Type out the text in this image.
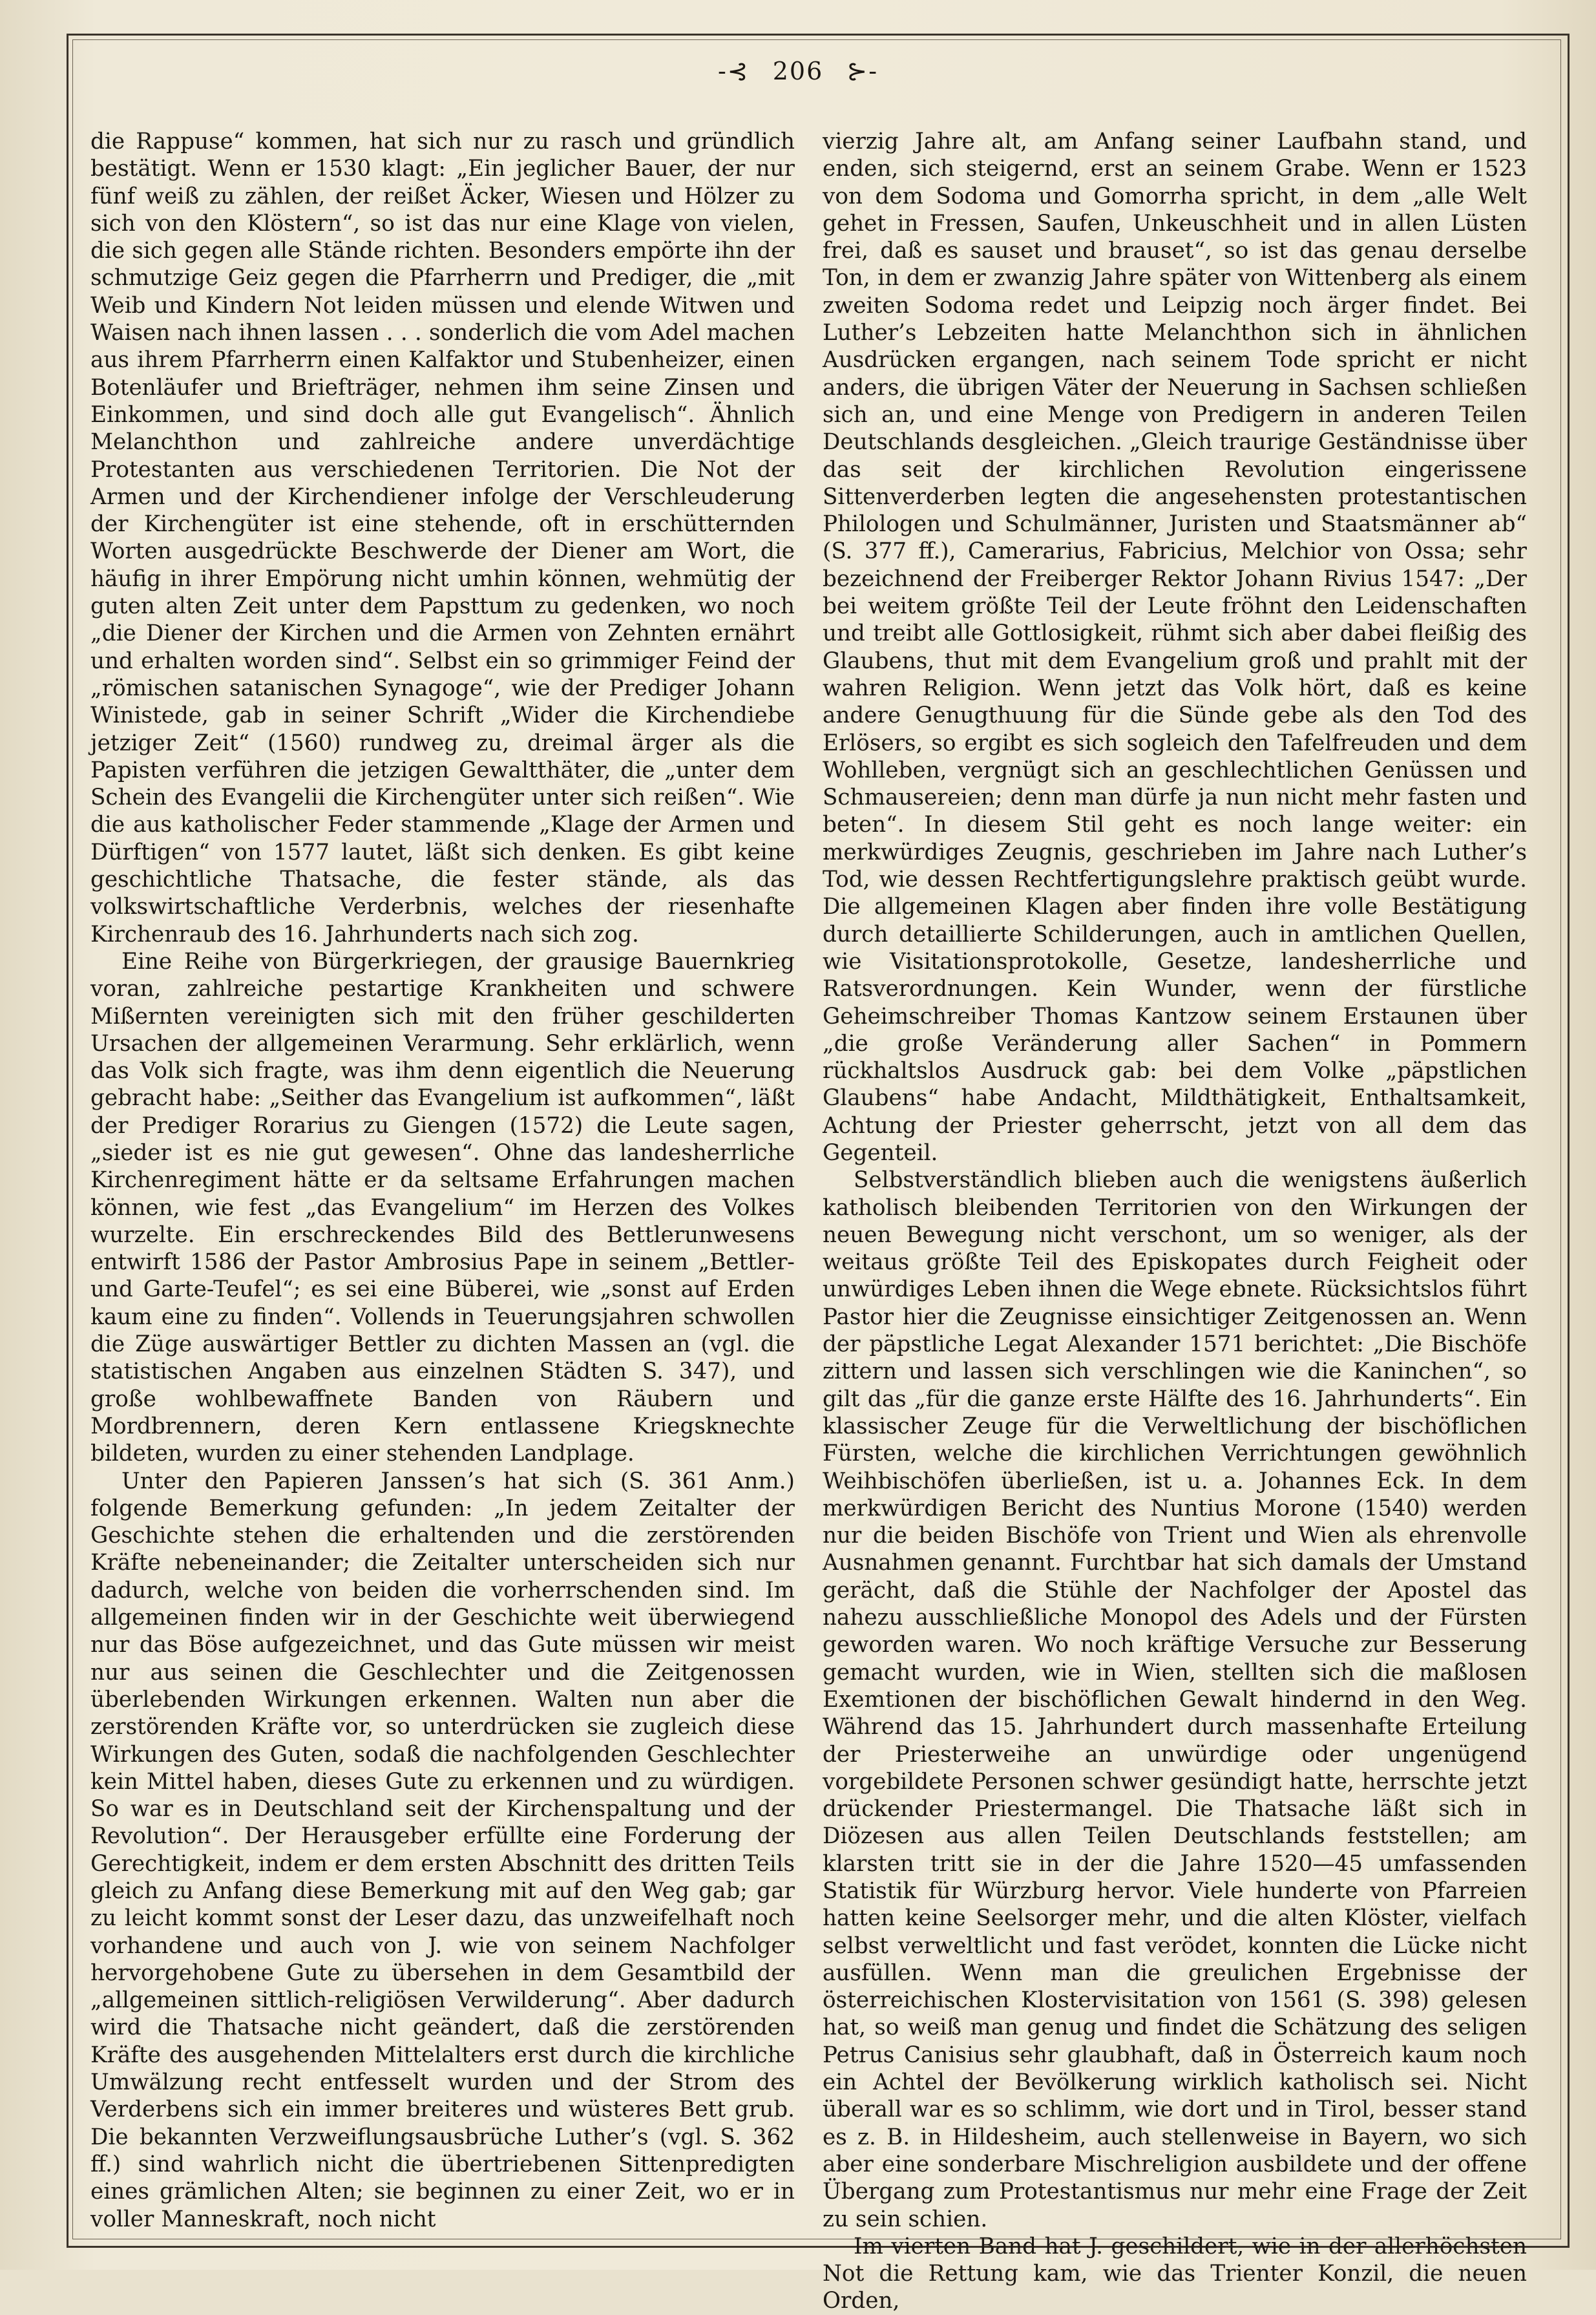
-⊰ 206 ⊱-

die Rappuse“ kommen, hat sich nur zu rasch und gründlich bestätigt. Wenn er 1530 klagt: „Ein jeglicher Bauer, der nur fünf weiß zu zählen, der reißet Äcker, Wiesen und Hölzer zu sich von den Klöstern“, so ist das nur eine Klage von vielen, die sich gegen alle Stände richten. Besonders empörte ihn der schmutzige Geiz gegen die Pfarrherrn und Prediger, die „mit Weib und Kindern Not leiden müssen und elende Witwen und Waisen nach ihnen lassen . . . sonderlich die vom Adel machen aus ihrem Pfarrherrn einen Kalfaktor und Stubenheizer, einen Botenläufer und Briefträger, nehmen ihm seine Zinsen und Einkommen, und sind doch alle gut Evangelisch“. Ähnlich Melanchthon und zahlreiche andere unverdächtige Protestanten aus verschiedenen Territorien. Die Not der Armen und der Kirchendiener infolge der Verschleuderung der Kirchengüter ist eine stehende, oft in erschütternden Worten ausgedrückte Beschwerde der Diener am Wort, die häufig in ihrer Empörung nicht umhin können, wehmütig der guten alten Zeit unter dem Papsttum zu gedenken, wo noch „die Diener der Kirchen und die Armen von Zehnten ernährt und erhalten worden sind“. Selbst ein so grimmiger Feind der „römischen satanischen Synagoge“, wie der Prediger Johann Winistede, gab in seiner Schrift „Wider die Kirchendiebe jetziger Zeit“ (1560) rundweg zu, dreimal ärger als die Papisten verführen die jetzigen Gewaltthäter, die „unter dem Schein des Evangelii die Kirchengüter unter sich reißen“. Wie die aus katholischer Feder stammende „Klage der Armen und Dürftigen“ von 1577 lautet, läßt sich denken. Es gibt keine geschichtliche Thatsache, die fester stände, als das volkswirtschaftliche Verderbnis, welches der riesenhafte Kirchenraub des 16. Jahrhunderts nach sich zog.

Eine Reihe von Bürgerkriegen, der grausige Bauernkrieg voran, zahlreiche pestartige Krankheiten und schwere Mißernten vereinigten sich mit den früher geschilderten Ursachen der allgemeinen Verarmung. Sehr erklärlich, wenn das Volk sich fragte, was ihm denn eigentlich die Neuerung gebracht habe: „Seither das Evangelium ist aufkommen“, läßt der Prediger Rorarius zu Giengen (1572) die Leute sagen, „sieder ist es nie gut gewesen“. Ohne das landesherrliche Kirchenregiment hätte er da seltsame Erfahrungen machen können, wie fest „das Evangelium“ im Herzen des Volkes wurzelte. Ein erschreckendes Bild des Bettlerunwesens entwirft 1586 der Pastor Ambrosius Pape in seinem „Bettler- und Garte-Teufel“; es sei eine Büberei, wie „sonst auf Erden kaum eine zu finden“. Vollends in Teuerungsjahren schwollen die Züge auswärtiger Bettler zu dichten Massen an (vgl. die statistischen Angaben aus einzelnen Städten S. 347), und große wohlbewaffnete Banden von Räubern und Mordbrennern, deren Kern entlassene Kriegsknechte bildeten, wurden zu einer stehenden Landplage.

Unter den Papieren Janssen’s hat sich (S. 361 Anm.) folgende Bemerkung gefunden: „In jedem Zeitalter der Geschichte stehen die erhaltenden und die zerstörenden Kräfte nebeneinander; die Zeitalter unterscheiden sich nur dadurch, welche von beiden die vorherrschenden sind. Im allgemeinen finden wir in der Geschichte weit überwiegend nur das Böse aufgezeichnet, und das Gute müssen wir meist nur aus seinen die Geschlechter und die Zeitgenossen überlebenden Wirkungen erkennen. Walten nun aber die zerstörenden Kräfte vor, so unterdrücken sie zugleich diese Wirkungen des Guten, sodaß die nachfolgenden Geschlechter kein Mittel haben, dieses Gute zu erkennen und zu würdigen. So war es in Deutschland seit der Kirchenspaltung und der Revolution“. Der Herausgeber erfüllte eine Forderung der Gerechtigkeit, indem er dem ersten Abschnitt des dritten Teils gleich zu Anfang diese Bemerkung mit auf den Weg gab; gar zu leicht kommt sonst der Leser dazu, das unzweifelhaft noch vorhandene und auch von J. wie von seinem Nachfolger hervorgehobene Gute zu übersehen in dem Gesamtbild der „allgemeinen sittlich-religiösen Verwilderung“. Aber dadurch wird die Thatsache nicht geändert, daß die zerstörenden Kräfte des ausgehenden Mittelalters erst durch die kirchliche Umwälzung recht entfesselt wurden und der Strom des Verderbens sich ein immer breiteres und wüsteres Bett grub. Die bekannten Verzweiflungsausbrüche Luther’s (vgl. S. 362 ff.) sind wahrlich nicht die übertriebenen Sittenpredigten eines grämlichen Alten; sie beginnen zu einer Zeit, wo er in voller Manneskraft, noch nicht

vierzig Jahre alt, am Anfang seiner Laufbahn stand, und enden, sich steigernd, erst an seinem Grabe. Wenn er 1523 von dem Sodoma und Gomorrha spricht, in dem „alle Welt gehet in Fressen, Saufen, Unkeuschheit und in allen Lüsten frei, daß es sauset und brauset“, so ist das genau derselbe Ton, in dem er zwanzig Jahre später von Wittenberg als einem zweiten Sodoma redet und Leipzig noch ärger findet. Bei Luther’s Lebzeiten hatte Melanchthon sich in ähnlichen Ausdrücken ergangen, nach seinem Tode spricht er nicht anders, die übrigen Väter der Neuerung in Sachsen schließen sich an, und eine Menge von Predigern in anderen Teilen Deutschlands desgleichen. „Gleich traurige Geständnisse über das seit der kirchlichen Revolution eingerissene Sittenverderben legten die angesehensten protestantischen Philologen und Schulmänner, Juristen und Staatsmänner ab“ (S. 377 ff.), Camerarius, Fabricius, Melchior von Ossa; sehr bezeichnend der Freiberger Rektor Johann Rivius 1547: „Der bei weitem größte Teil der Leute fröhnt den Leidenschaften und treibt alle Gottlosigkeit, rühmt sich aber dabei fleißig des Glaubens, thut mit dem Evangelium groß und prahlt mit der wahren Religion. Wenn jetzt das Volk hört, daß es keine andere Genugthuung für die Sünde gebe als den Tod des Erlösers, so ergibt es sich sogleich den Tafelfreuden und dem Wohlleben, vergnügt sich an geschlechtlichen Genüssen und Schmausereien; denn man dürfe ja nun nicht mehr fasten und beten“. In diesem Stil geht es noch lange weiter: ein merkwürdiges Zeugnis, geschrieben im Jahre nach Luther’s Tod, wie dessen Rechtfertigungslehre praktisch geübt wurde. Die allgemeinen Klagen aber finden ihre volle Bestätigung durch detaillierte Schilderungen, auch in amtlichen Quellen, wie Visitationsprotokolle, Gesetze, landesherrliche und Ratsverordnungen. Kein Wunder, wenn der fürstliche Geheimschreiber Thomas Kantzow seinem Erstaunen über „die große Veränderung aller Sachen“ in Pommern rückhaltslos Ausdruck gab: bei dem Volke „päpstlichen Glaubens“ habe Andacht, Mildthätigkeit, Enthaltsamkeit, Achtung der Priester geherrscht, jetzt von all dem das Gegenteil.

Selbstverständlich blieben auch die wenigstens äußerlich katholisch bleibenden Territorien von den Wirkungen der neuen Bewegung nicht verschont, um so weniger, als der weitaus größte Teil des Episkopates durch Feigheit oder unwürdiges Leben ihnen die Wege ebnete. Rücksichtslos führt Pastor hier die Zeugnisse einsichtiger Zeitgenossen an. Wenn der päpstliche Legat Alexander 1571 berichtet: „Die Bischöfe zittern und lassen sich verschlingen wie die Kaninchen“, so gilt das „für die ganze erste Hälfte des 16. Jahrhunderts“. Ein klassischer Zeuge für die Verweltlichung der bischöflichen Fürsten, welche die kirchlichen Verrichtungen gewöhnlich Weihbischöfen überließen, ist u. a. Johannes Eck. In dem merkwürdigen Bericht des Nuntius Morone (1540) werden nur die beiden Bischöfe von Trient und Wien als ehrenvolle Ausnahmen genannt. Furchtbar hat sich damals der Umstand gerächt, daß die Stühle der Nachfolger der Apostel das nahezu ausschließliche Monopol des Adels und der Fürsten geworden waren. Wo noch kräftige Versuche zur Besserung gemacht wurden, wie in Wien, stellten sich die maßlosen Exemtionen der bischöflichen Gewalt hindernd in den Weg. Während das 15. Jahrhundert durch massenhafte Erteilung der Priesterweihe an unwürdige oder ungenügend vorgebildete Personen schwer gesündigt hatte, herrschte jetzt drückender Priestermangel. Die Thatsache läßt sich in Diözesen aus allen Teilen Deutschlands feststellen; am klarsten tritt sie in der die Jahre 1520—45 umfassenden Statistik für Würzburg hervor. Viele hunderte von Pfarreien hatten keine Seelsorger mehr, und die alten Klöster, vielfach selbst verweltlicht und fast verödet, konnten die Lücke nicht ausfüllen. Wenn man die greulichen Ergebnisse der österreichischen Klostervisitation von 1561 (S. 398) gelesen hat, so weiß man genug und findet die Schätzung des seligen Petrus Canisius sehr glaubhaft, daß in Österreich kaum noch ein Achtel der Bevölkerung wirklich katholisch sei. Nicht überall war es so schlimm, wie dort und in Tirol, besser stand es z. B. in Hildesheim, auch stellenweise in Bayern, wo sich aber eine sonderbare Mischreligion ausbildete und der offene Übergang zum Protestantismus nur mehr eine Frage der Zeit zu sein schien.

Im vierten Band hat J. geschildert, wie in der allerhöchsten Not die Rettung kam, wie das Trienter Konzil, die neuen Orden,
